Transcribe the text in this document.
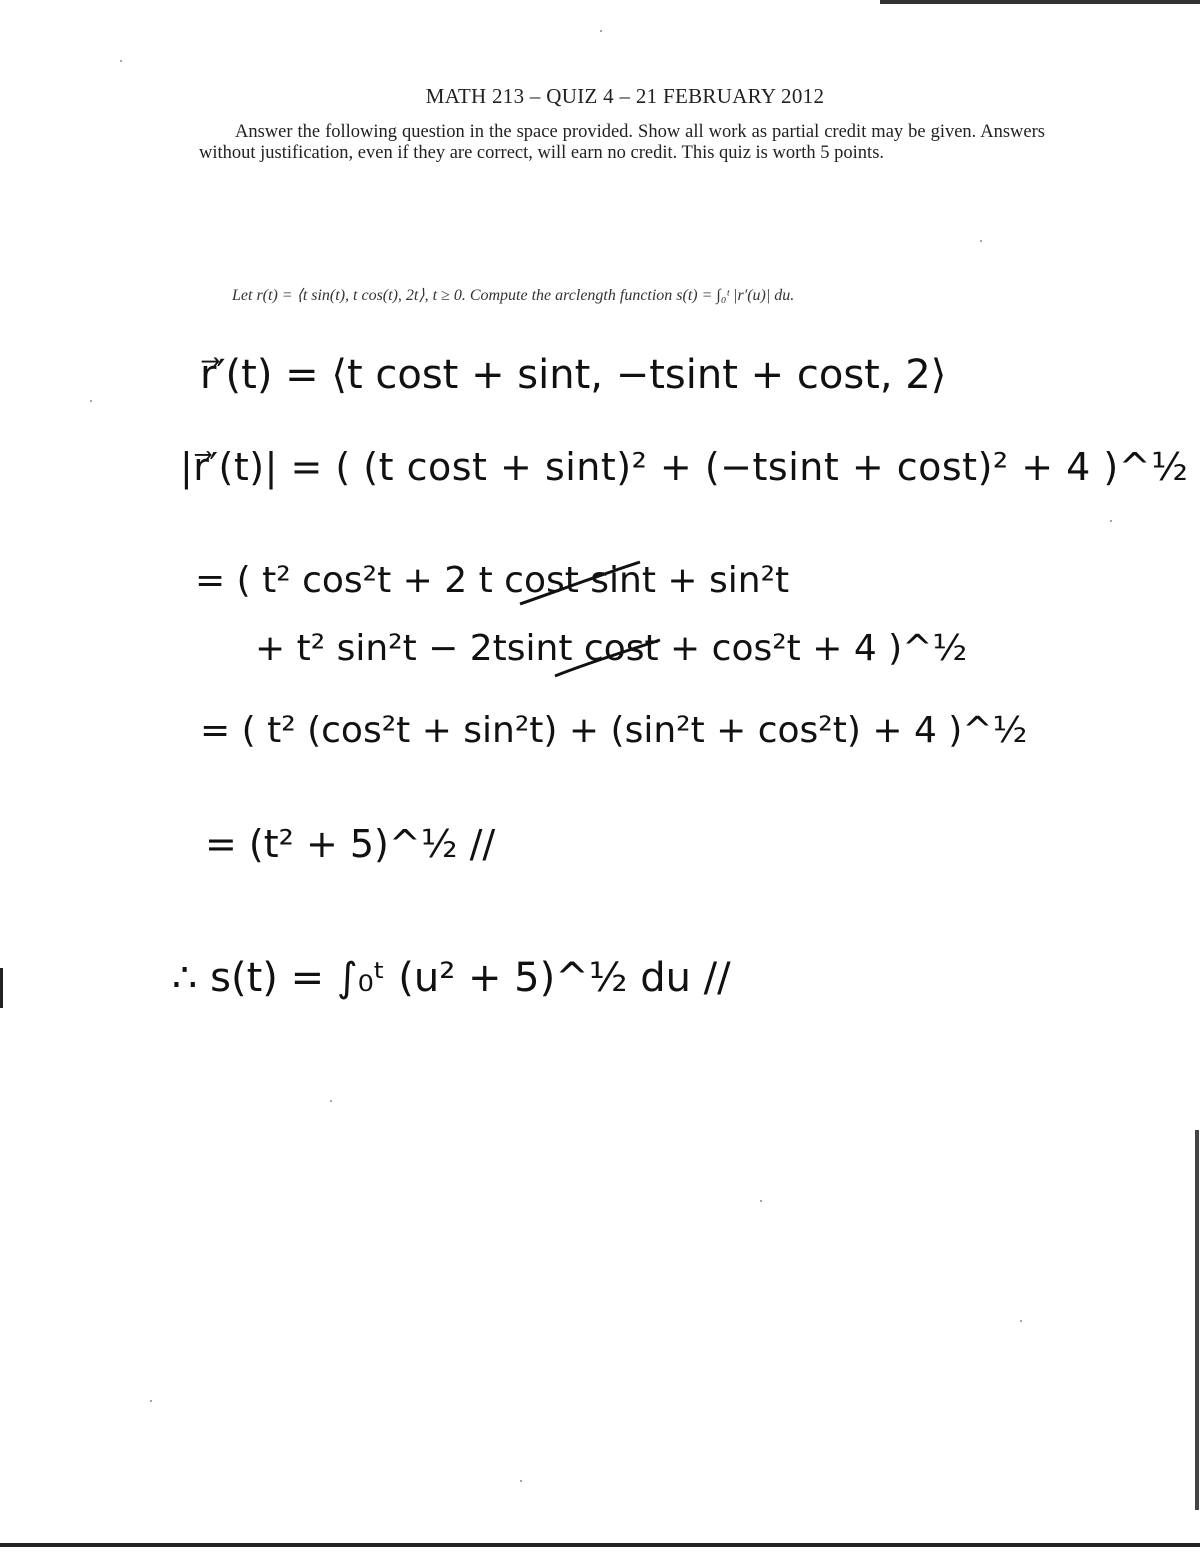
MATH 213 – QUIZ 4 – 21 FEBRUARY 2012
Answer the following question in the space provided. Show all work as partial credit may be given. Answers without justification, even if they are correct, will earn no credit. This quiz is worth 5 points.
Let r(t) = ⟨t sin(t), t cos(t), 2t⟩, t ≥ 0. Compute the arclength function s(t) = ∫₀ᵗ |r′(u)| du.
r⃗′(t) = ⟨t cost + sint, −tsint + cost, 2⟩
|r⃗′(t)| = ( (t cost + sint)² + (−tsint + cost)² + 4 )^½
= ( t² cos²t + 2 t cost sint + sin²t
+ t² sin²t − 2tsint cost + cos²t + 4 )^½
= ( t² (cos²t + sin²t) + (sin²t + cos²t) + 4 )^½
= (t² + 5)^½ //
∴ s(t) = ∫₀ᵗ (u² + 5)^½ du //
